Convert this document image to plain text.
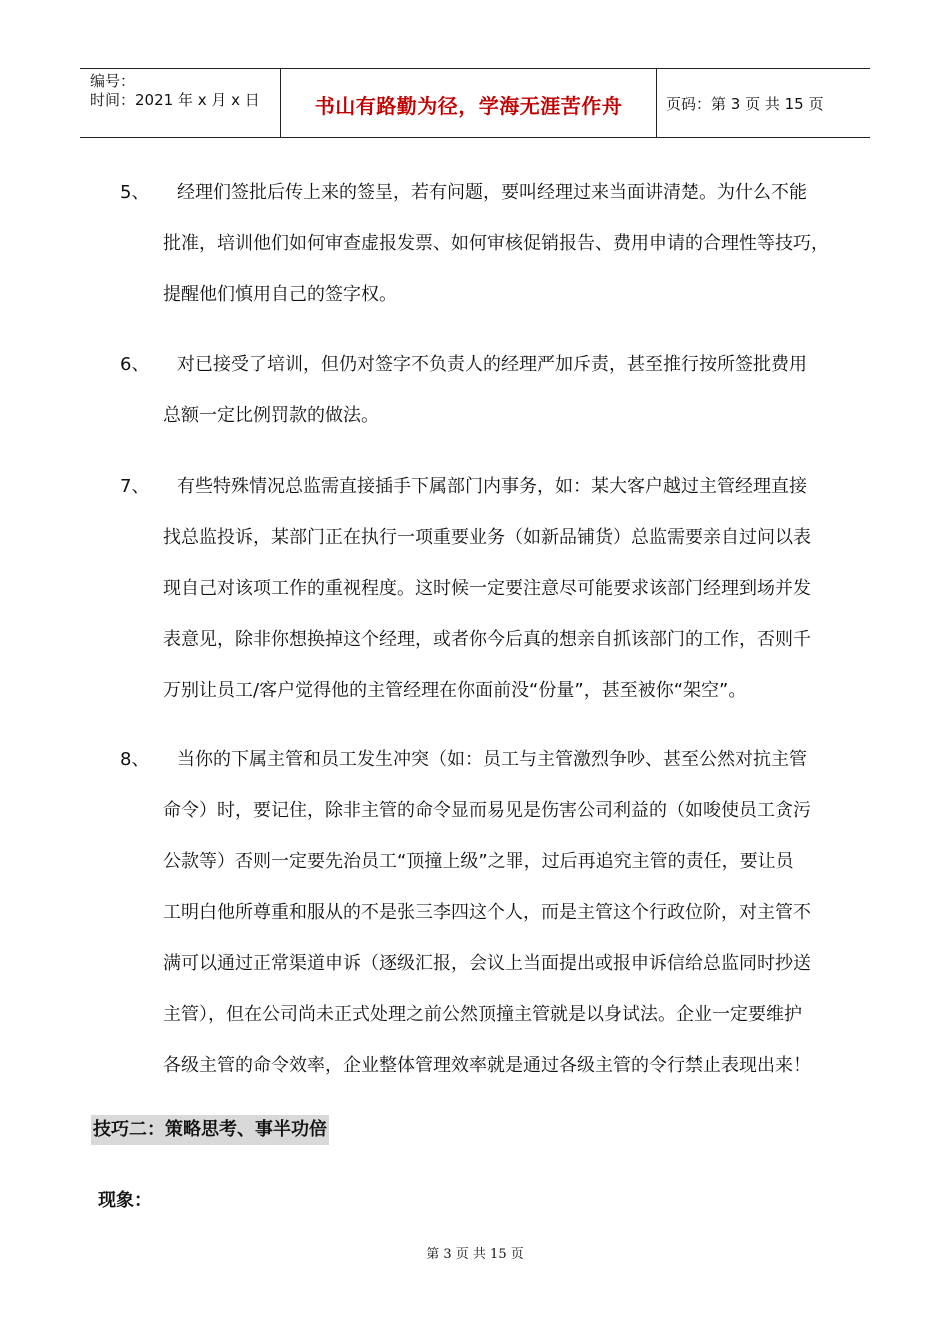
编号：
时间：2021 年 x 月 x 日	书山有路勤为径，学海无涯苦作舟	页码：第 3 页 共 15 页
5、 经理们签批后传上来的签呈，若有问题，要叫经理过来当面讲清楚。为什么不能
批准，培训他们如何审查虚报发票、如何审核促销报告、费用申请的合理性等技巧，
提醒他们慎用自己的签字权。
6、 对已接受了培训，但仍对签字不负责人的经理严加斥责，甚至推行按所签批费用
总额一定比例罚款的做法。
7、 有些特殊情况总监需直接插手下属部门内事务，如：某大客户越过主管经理直接
找总监投诉，某部门正在执行一项重要业务（如新品铺货）总监需要亲自过问以表
现自己对该项工作的重视程度。这时候一定要注意尽可能要求该部门经理到场并发
表意见，除非你想换掉这个经理，或者你今后真的想亲自抓该部门的工作，否则千
万别让员工/客户觉得他的主管经理在你面前没“份量”，甚至被你“架空”。
8、 当你的下属主管和员工发生冲突（如：员工与主管激烈争吵、甚至公然对抗主管
命令）时，要记住，除非主管的命令显而易见是伤害公司利益的（如唆使员工贪污
公款等）否则一定要先治员工“顶撞上级”之罪，过后再追究主管的责任，要让员
工明白他所尊重和服从的不是张三李四这个人，而是主管这个行政位阶，对主管不
满可以通过正常渠道申诉（逐级汇报，会议上当面提出或报申诉信给总监同时抄送
主管），但在公司尚未正式处理之前公然顶撞主管就是以身试法。企业一定要维护
各级主管的命令效率，企业整体管理效率就是通过各级主管的令行禁止表现出来！
技巧二：策略思考、事半功倍
现象：
第 3 页 共 15 页
